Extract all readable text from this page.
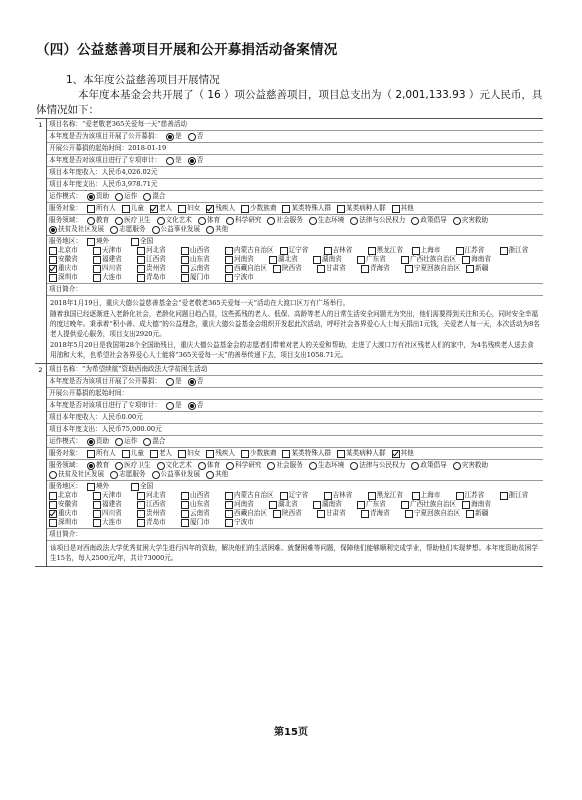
（四）公益慈善项目开展和公开募捐活动备案情况
1、本年度公益慈善项目开展情况
本年度本基金会共开展了（ 16 ）项公益慈善项目，项目总支出为（ 2,001,133.93 ）元人民币，具体情况如下：
1 项目名称：“爱老敬老365关爱每一天”慈善活动
本年度是否为该项目开展了公开募捐： 是 否
开展公开募捐的起始时间：2018-01-19
本年度是否对该项目进行了专项审计： 是 否
项目本年度收入：人民币4,026.02元
项目本年度支出：人民币3,978.71元
运作模式： 资助 运作 混合
服务对象： 所有人 儿童 老人 妇女 残疾人 少数族裔 某类特殊人群 某类病种人群 其他
服务领域： 教育 医疗卫生 文化艺术 体育 科学研究 社会服务 生态环境 法律与公民权力 政策倡导 灾害救助
扶贫及社区发展 志愿服务 公益事业发展 其他
服务地区： 境外	全国
北京市	天津市	河北省	山西省	内蒙古自治区 辽宁省	吉林省	黑龙江省	上海市	江苏省	浙江省
安徽省	福建省	江西省	山东省	河南省	湖北省	湖南省	广东省	广西壮族自治区 海南省
重庆市	四川省	贵州省	云南省	西藏自治区 陕西省	甘肃省	青海省	宁夏回族自治区 新疆
深圳市	大连市	青岛市	厦门市	宁波市
项目简介：

2018年1月19日，重庆大德公益慈善基金会“爱老敬老365关爱每一天”活动在大渡口区万有广场举行。

随着我国已经逐渐进入老龄化社会，老龄化问题日趋凸显，这些孤残的老人、低保、高龄等老人的日常生活安全问题尤为突出，他们需要得到关注和关心，同时安全幸福的度过晚年。秉承着“积小善、成大德”的公益理念，重庆大德公益基金会组织开发起此次活动，呼吁社会各界爱心人士每天捐出1元钱，关爱老人每一天，本次活动为8名老人提供爱心服务，项目支出2920元。

2018年5月20日是我国第28个全国助残日，重庆大德公益基金会的志愿者们带着对老人的关爱和帮助，走进了大渡口万有社区残老人们的家中，为4名残疾老人送去食用油和大米，也希望社会各界爱心人士能将“365关爱每一天”的善举传递下去，项目支出1058.71元。

2 项目名称：“为希望续航”资助西南政法大学贫困生活动
本年度是否为该项目开展了公开募捐： 是 否
开展公开募捐的起始时间：
本年度是否对该项目进行了专项审计： 是 否
项目本年度收入：人民币0.00元
项目本年度支出：人民币75,000.00元
运作模式： 资助 运作 混合
服务对象： 所有人 儿童 老人 妇女 残疾人 少数族裔 某类特殊人群 某类病种人群 其他
服务领域： 教育 医疗卫生 文化艺术 体育 科学研究 社会服务 生态环境 法律与公民权力 政策倡导 灾害救助
扶贫及社区发展 志愿服务 公益事业发展 其他
服务地区： 境外	全国
北京市	天津市	河北省	山西省	内蒙古自治区 辽宁省	吉林省	黑龙江省	上海市	江苏省	浙江省
安徽省	福建省	江西省	山东省	河南省	湖北省	湖南省	广东省	广西壮族自治区 海南省
重庆市	四川省	贵州省	云南省	西藏自治区 陕西省	甘肃省	青海省	宁夏回族自治区 新疆
深圳市	大连市	青岛市	厦门市	宁波市
项目简介：

该项目是对西南政法大学优秀贫困大学生进行四年的资助，解决他们的生活困难、就餐困难等问题，保障他们能够顺利完成学业，帮助他们实现梦想。本年度资助贫困学生15名，每人2500元/年，共计73000元。

第15页
